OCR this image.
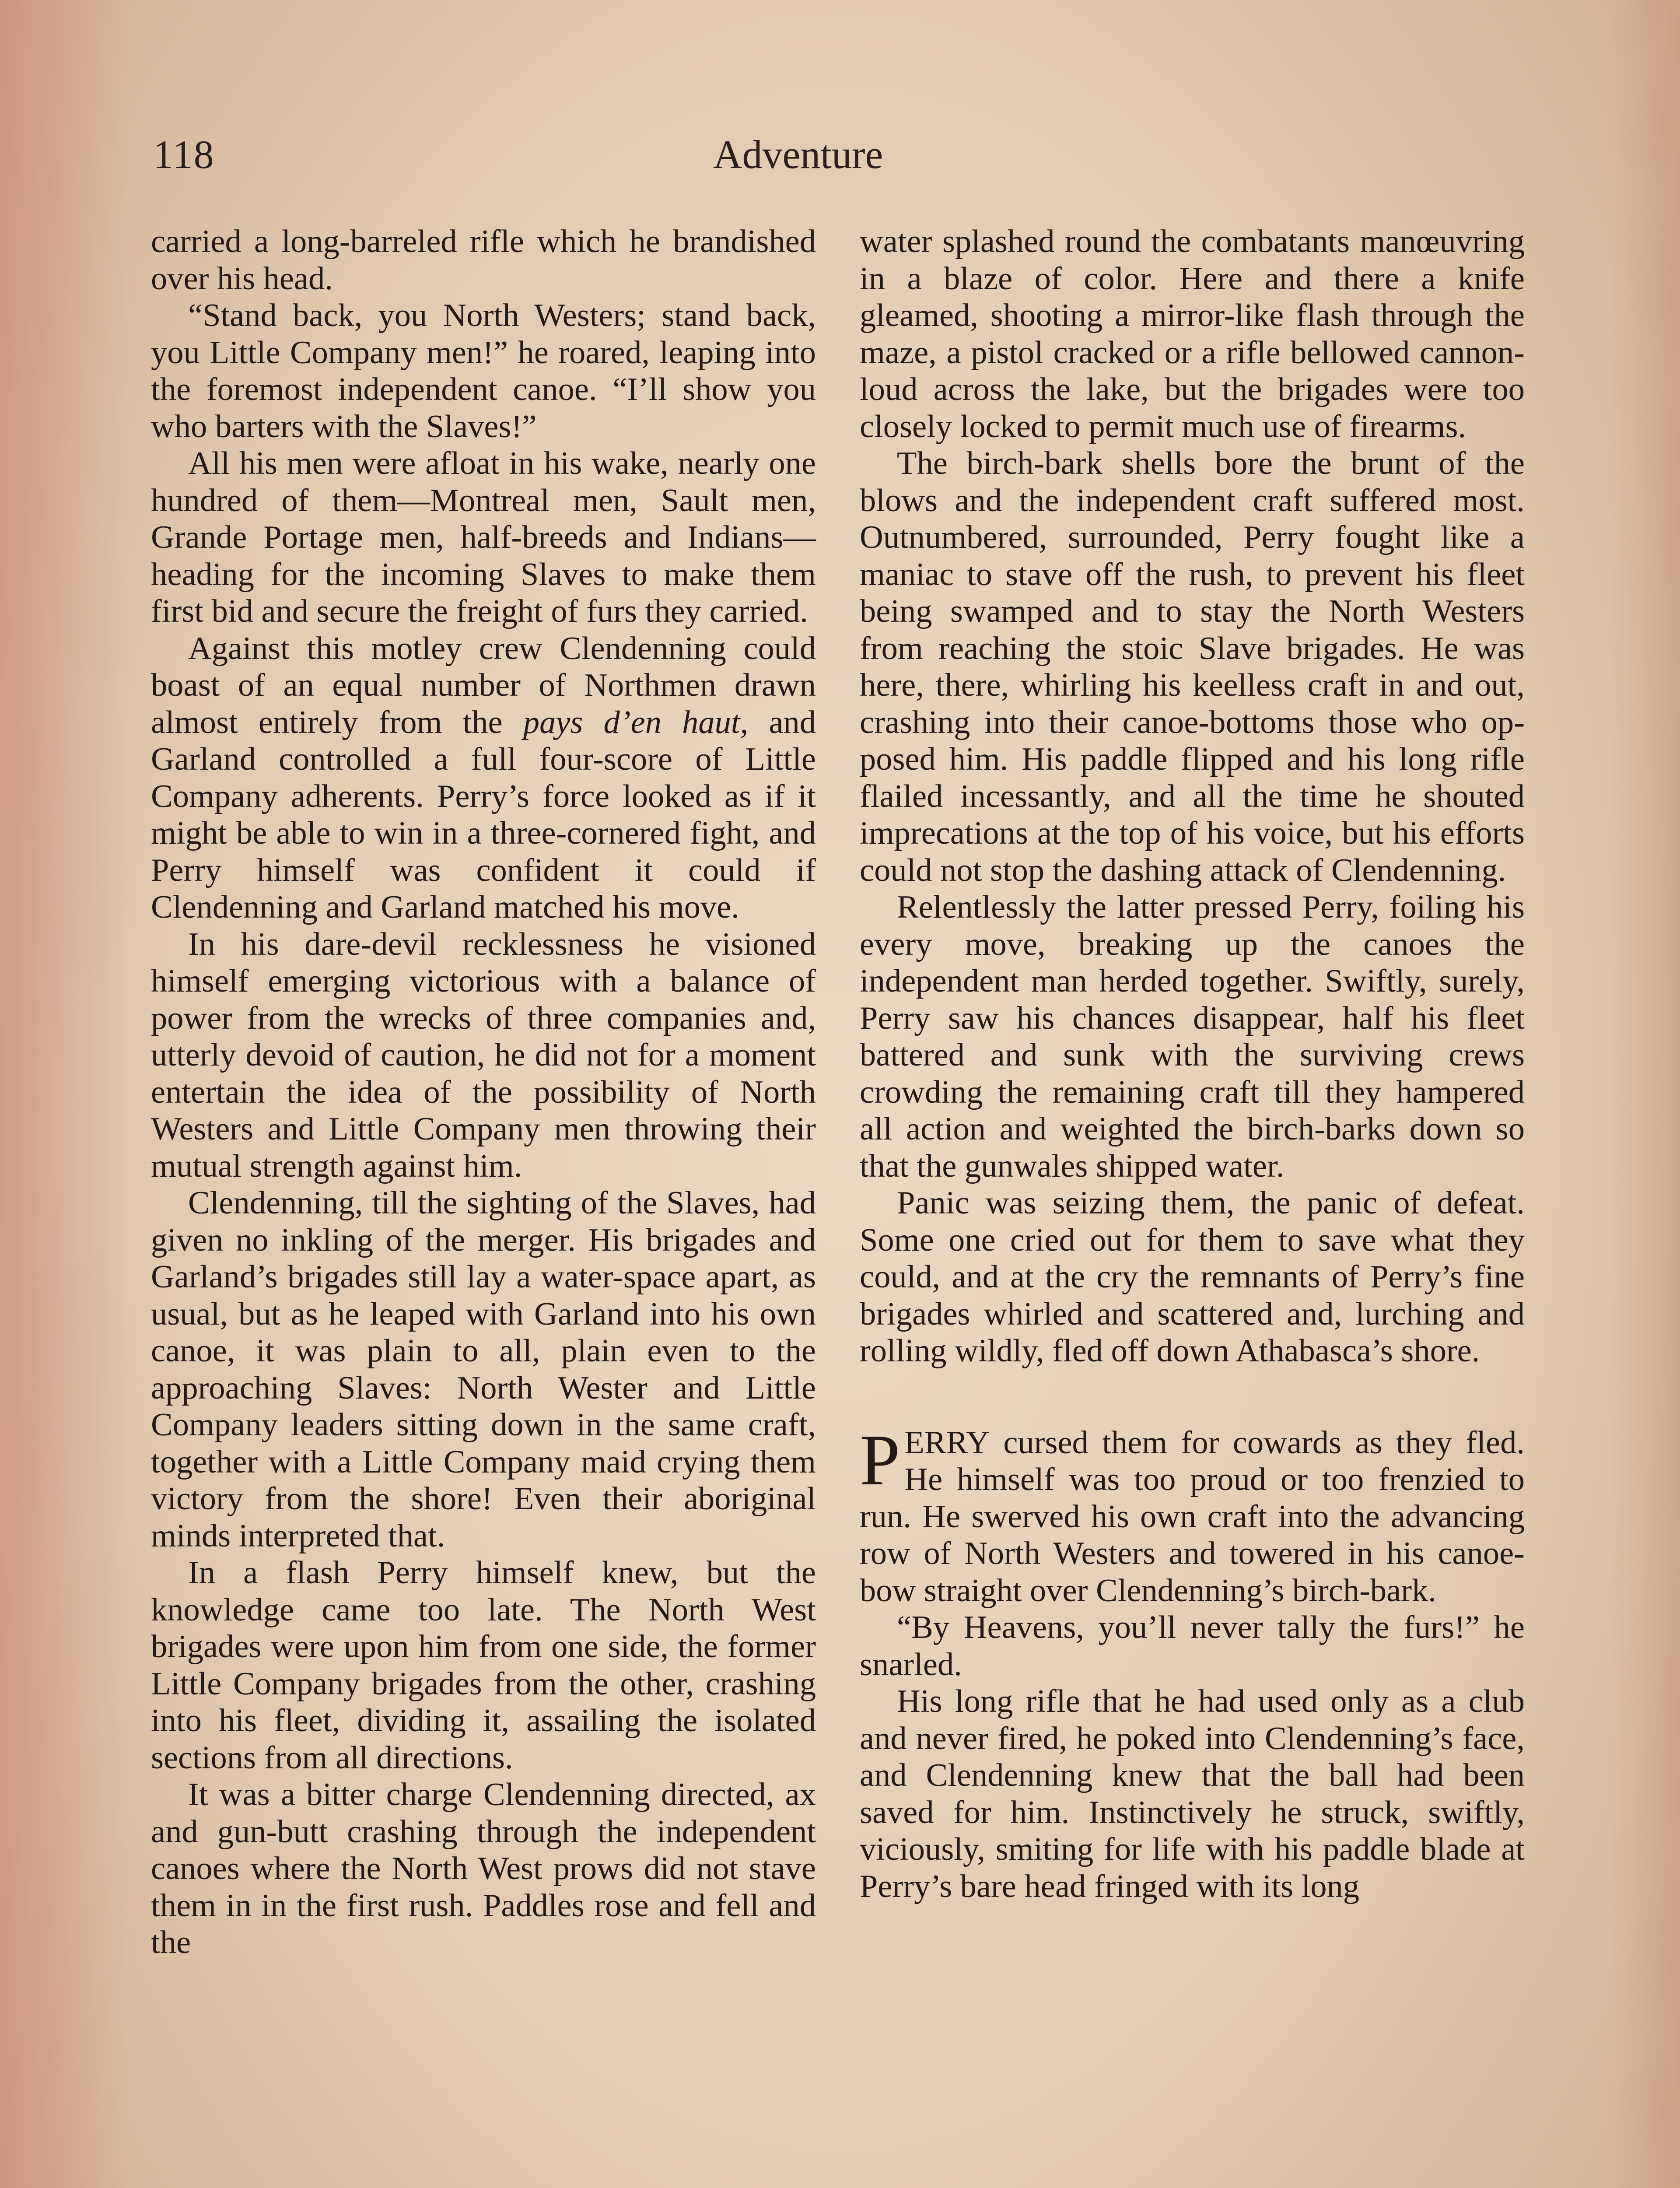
118	Adventure

carried a long-barreled rifle which he brandished over his head.

“Stand back, you North Westers; stand back, you Little Company men!” he roared, leaping into the foremost independent canoe. “I’ll show you who barters with the Slaves!”

All his men were afloat in his wake, nearly one hundred of them—Montreal men, Sault men, Grande Portage men, half-breeds and Indians—heading for the incoming Slaves to make them first bid and secure the freight of furs they carried.

Against this motley crew Clendenning could boast of an equal number of Northmen drawn almost entirely from the pays d’en haut, and Garland controlled a full four-score of Little Company adherents. Perry’s force looked as if it might be able to win in a three-cornered fight, and Perry himself was confident it could if Clendenning and Garland matched his move.

In his dare-devil recklessness he visioned himself emerging victorious with a balance of power from the wrecks of three companies and, utterly devoid of caution, he did not for a moment entertain the idea of the possibility of North Westers and Little Company men throwing their mutual strength against him.

Clendenning, till the sighting of the Slaves, had given no inkling of the merger. His brigades and Garland’s brigades still lay a water-space apart, as usual, but as he leaped with Garland into his own canoe, it was plain to all, plain even to the approaching Slaves: North Wester and Little Company leaders sitting down in the same craft, together with a Little Company maid crying them victory from the shore! Even their aboriginal minds interpreted that.

In a flash Perry himself knew, but the knowledge came too late. The North West brigades were upon him from one side, the former Little Company brigades from the other, crashing into his fleet, dividing it, assailing the isolated sections from all directions.

It was a bitter charge Clendenning directed, ax and gun-butt crashing through the independent canoes where the North West prows did not stave them in in the first rush. Paddles rose and fell and the

water splashed round the combatants manœuvring in a blaze of color. Here and there a knife gleamed, shooting a mirror-like flash through the maze, a pistol cracked or a rifle bellowed cannon-loud across the lake, but the brigades were too closely locked to permit much use of firearms.

The birch-bark shells bore the brunt of the blows and the independent craft suffered most. Outnumbered, surrounded, Perry fought like a maniac to stave off the rush, to prevent his fleet being swamped and to stay the North Westers from reaching the stoic Slave brigades. He was here, there, whirling his keelless craft in and out, crashing into their canoe-bottoms those who opposed him. His paddle flipped and his long rifle flailed incessantly, and all the time he shouted imprecations at the top of his voice, but his efforts could not stop the dashing attack of Clendenning.

Relentlessly the latter pressed Perry, foiling his every move, breaking up the canoes the independent man herded together. Swiftly, surely, Perry saw his chances disappear, half his fleet battered and sunk with the surviving crews crowding the remaining craft till they hampered all action and weighted the birch-barks down so that the gunwales shipped water.

Panic was seizing them, the panic of defeat. Some one cried out for them to save what they could, and at the cry the remnants of Perry’s fine brigades whirled and scattered and, lurching and rolling wildly, fled off down Athabasca’s shore.

PERRY cursed them for cowards as they fled. He himself was too proud or too frenzied to run. He swerved his own craft into the advancing row of North Westers and towered in his canoe-bow straight over Clendenning’s birch-bark.

“By Heavens, you’ll never tally the furs!” he snarled.

His long rifle that he had used only as a club and never fired, he poked into Clendenning’s face, and Clendenning knew that the ball had been saved for him. Instinctively he struck, swiftly, viciously, smiting for life with his paddle blade at Perry’s bare head fringed with its long
